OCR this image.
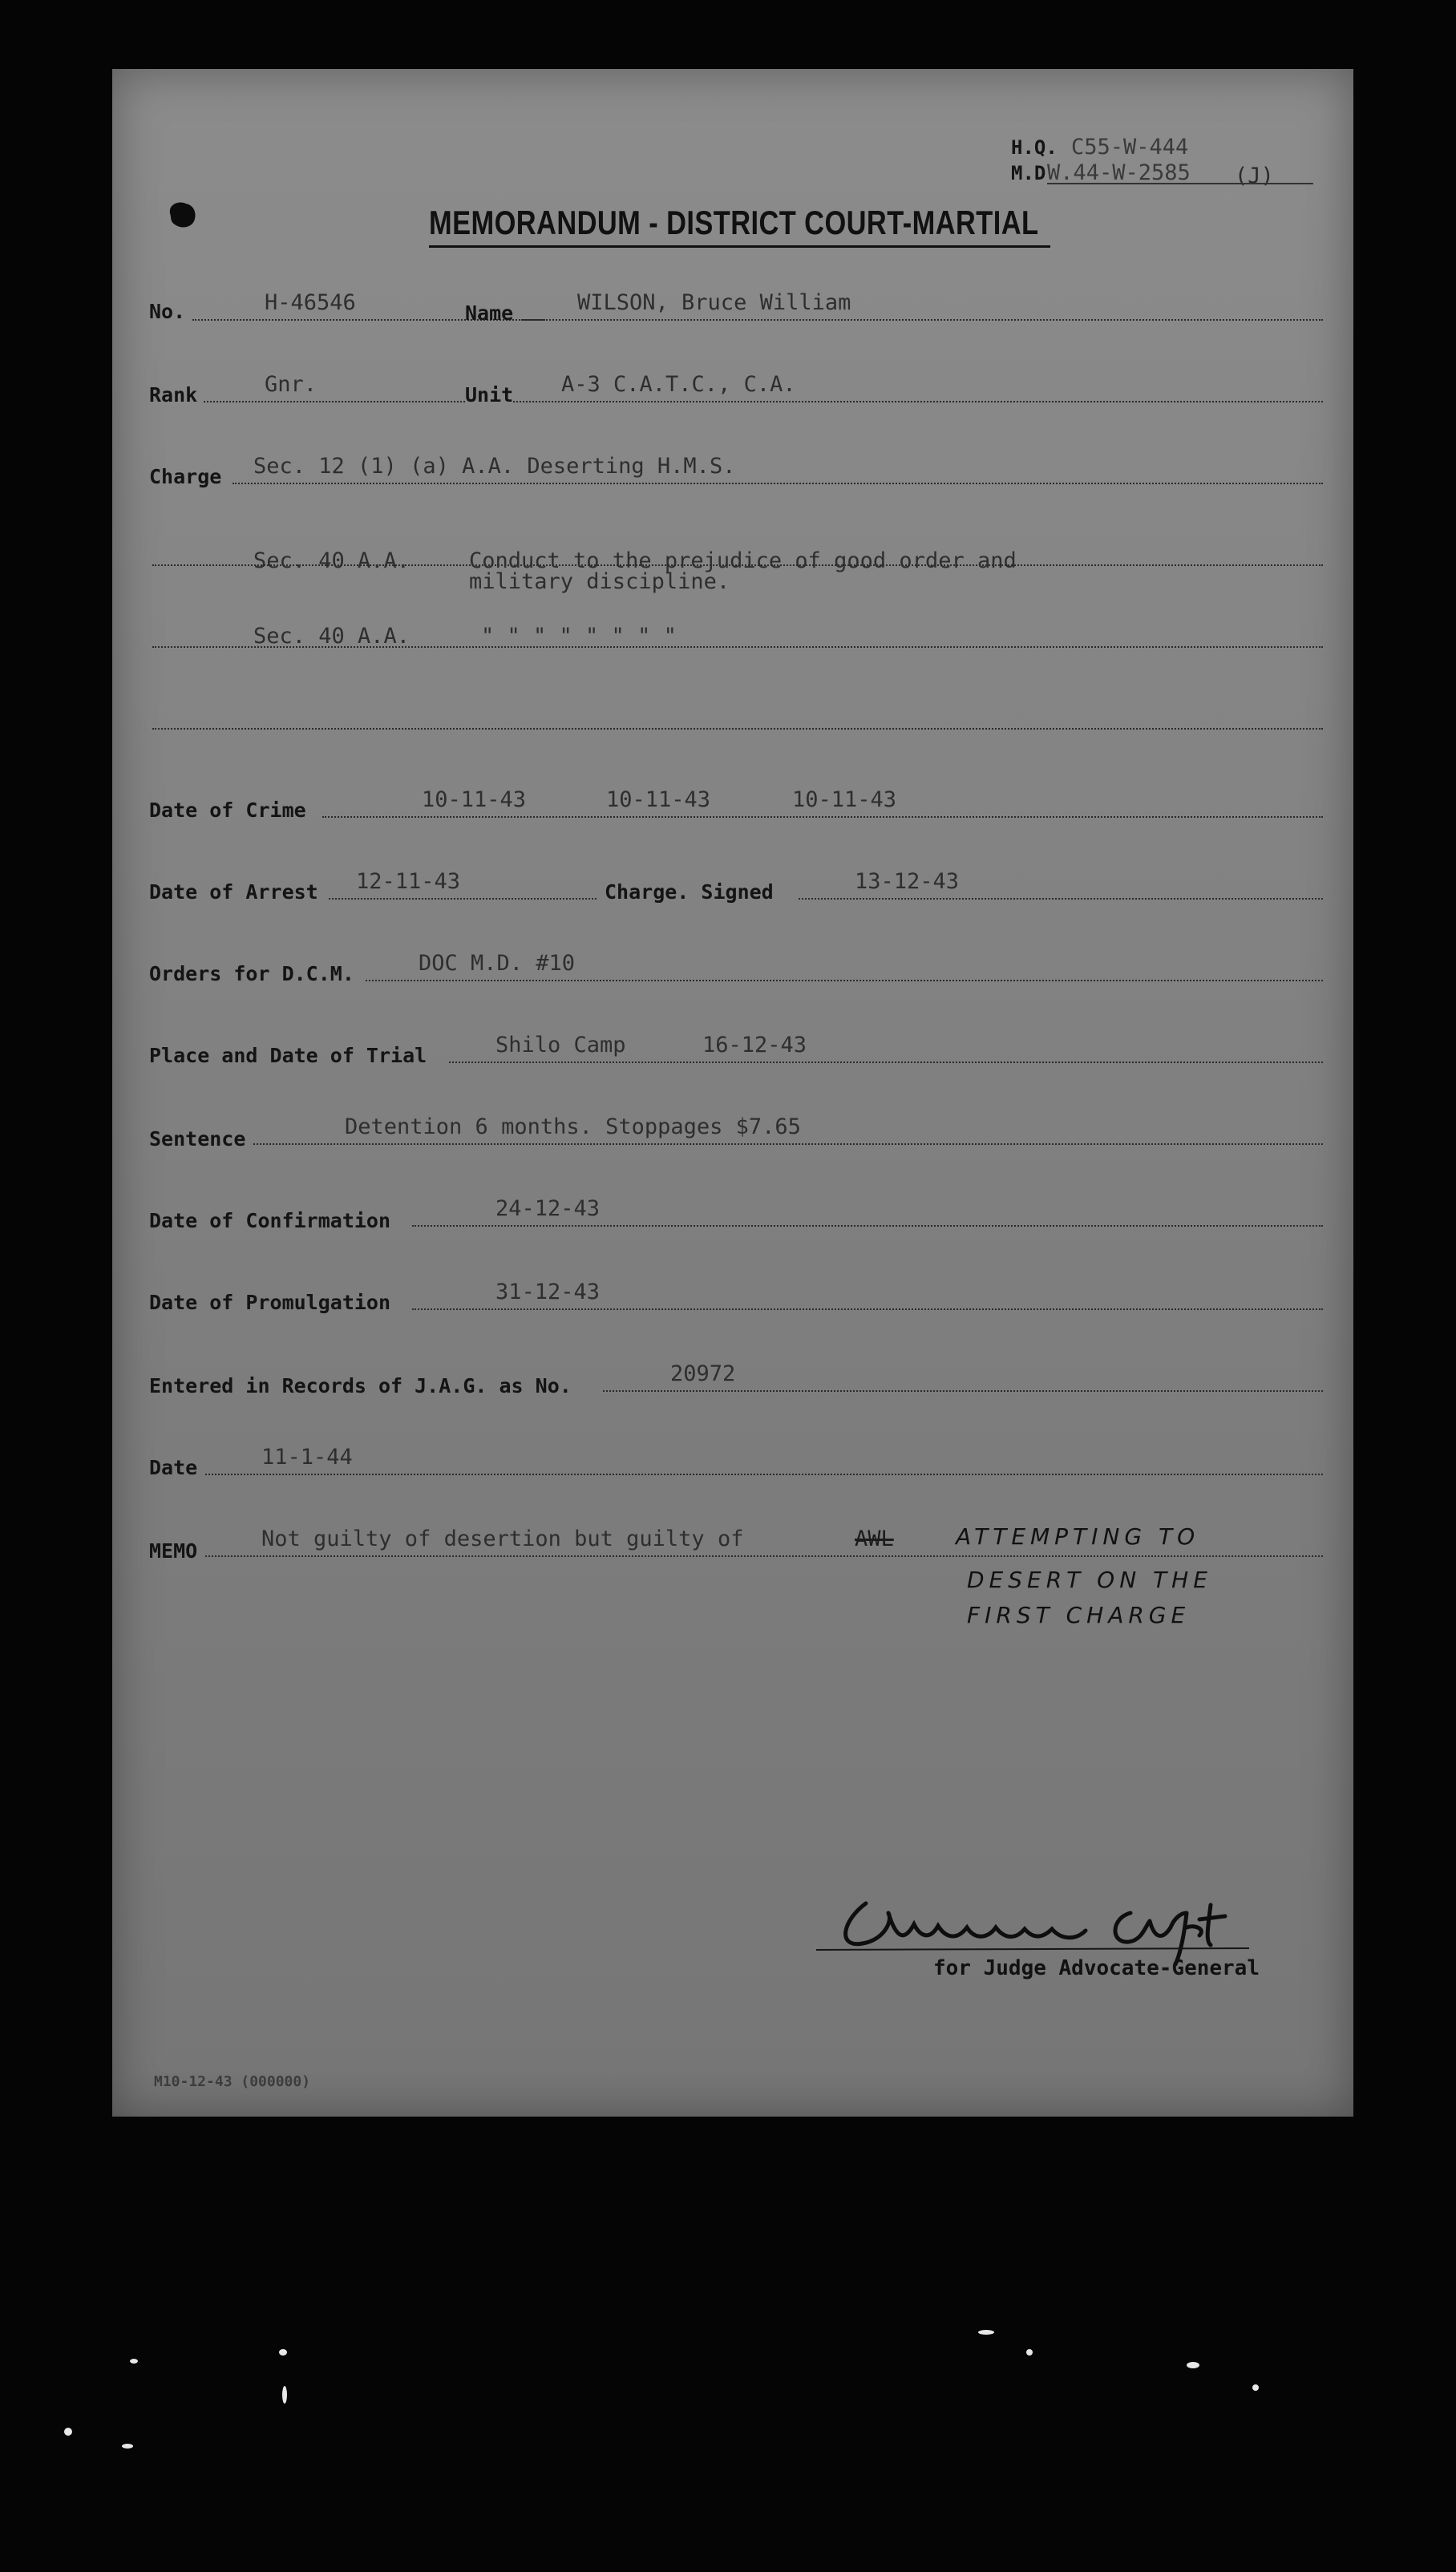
H.Q. C55-W-444
M.D W.44-W-2585 (J)
MEMORANDUM - DISTRICT COURT-MARTIAL
No.	H-46546	Name	WILSON, Bruce William
Rank	Gnr.	Unit A-3 C.A.T.C., C.A.
Charge Sec. 12 (1) (a) A.A. Deserting H.M.S.
Sec. 40 A.A.	Conduct to the prejudice of good order and
military discipline.
Sec. 40 A.A.	" " " " " " " "
Date of Crime	10-11-43	10-11-43	10-11-43
Date of Arrest 12-11-43	Charge. Signed	13-12-43
Orders for D.C.M.	DOC M.D. #10
Place and Date of Trial	Shilo Camp	16-12-43
Sentence	Detention 6 months. Stoppages $7.65
Date of Confirmation	24-12-43
Date of Promulgation	31-12-43
Entered in Records of J.A.G. as No.	20972
Date	11-1-44
MEMO	Not guilty of desertion but guilty of	AWL	ATTEMPTING TO
DESERT ON THE
FIRST CHARGE
for Judge Advocate-General
M10-12-43 (000000)
